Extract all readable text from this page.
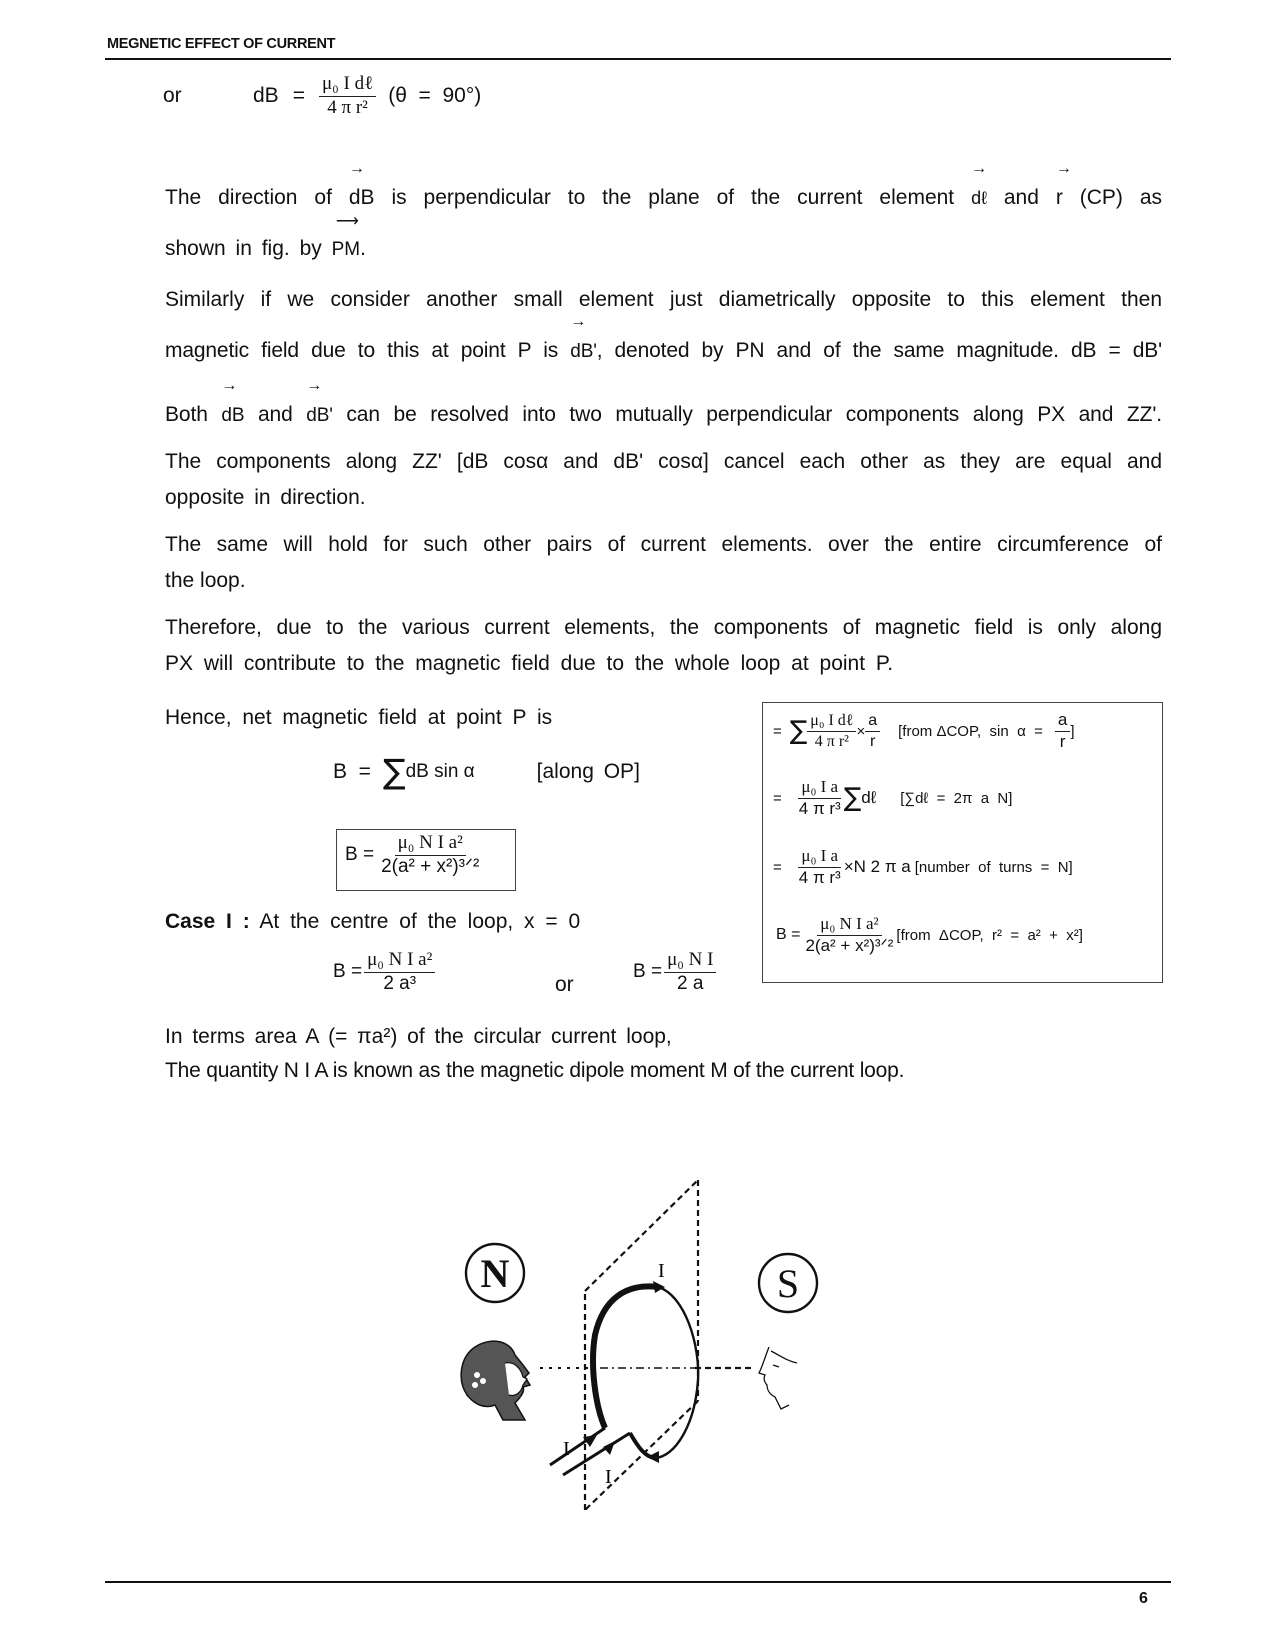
MEGNETIC EFFECT OF CURRENT
or	dB = $\frac{\text{μ₀ I dℓ}}{\text{4 π r²}} (\theta = 90^\circ)$
The direction of
→
dB is perpendicular to the plane of the current element
→
dℓ and
→
r (CP) as
shown in fig. by
⟶
PM.
Similarly if we consider another small element just diametrically opposite to this element then
magnetic field due to this at point P is
→
dB', denoted by PN and of the same magnitude. dB = dB'
Both
→
dB and
→
dB' can be resolved into two mutually perpendicular components along PX and ZZ'.
The components along ZZ' [dB cosα and dB' cosα] cancel each other as they are equal and
opposite in direction.
The same will hold for such other pairs of current elements. over the entire circumference of
the loop.
Therefore, due to the various current elements, the components of magnetic field is only along
PX will contribute to the magnetic field due to the whole loop at point P.
Hence, net magnetic field at point P is
B  = ∑ dB sin α	[along OP]
$B = \frac{\text{μ₀ N I a²}}{\text{2(a² + x²)³ᐟ²}}$
= ∑ $\frac{\text{μ₀ I dℓ}}{\text{4 π r²}} \times \frac{a}{r}$ [from ΔCOP,  $\sin \alpha = \frac{a}{r}$ ]
= $\frac{\text{μ₀ I a}}{\text{4 π r³}}$ ∑ dℓ [∑dℓ  =  2π  a  N]
= $\frac{\text{μ₀ I a}}{\text{4 π r³}} \times N$ 2 π a [number  of  turns  =  N]
$B = \frac{\text{μ₀ N I a²}}{\text{2(a² + x²)³ᐟ²}}$ [from  ΔCOP,  r²  =  a²  +  x²]
Case I : At the centre of the loop, x = 0
$B = \frac{\text{μ₀ N I a²}}{\text{2 a³}}$	or
$B = \frac{\text{μ₀ N I}}{2 a}$
In terms area A (= πa²) of the circular current loop,
The quantity N I A is known as the magnetic dipole moment M of the current loop.
I
I
I
N	S
6
